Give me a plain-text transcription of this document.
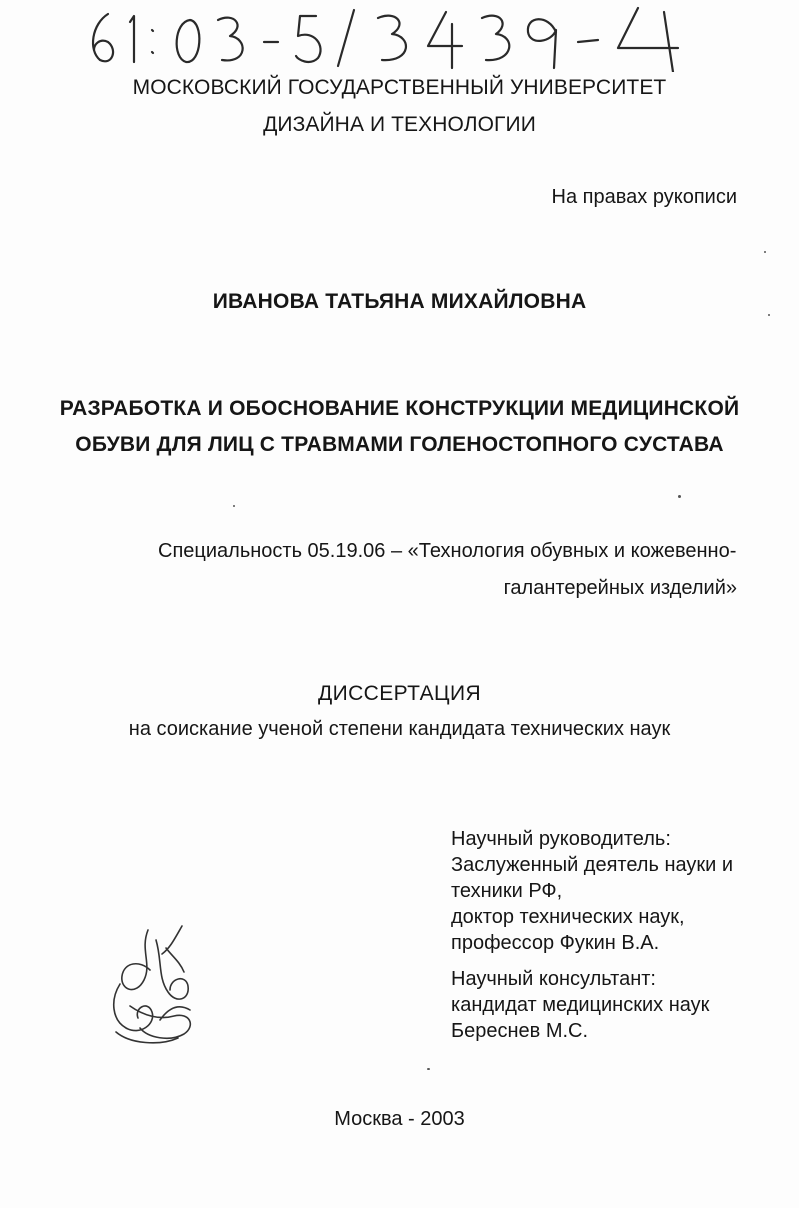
МОСКОВСКИЙ ГОСУДАРСТВЕННЫЙ УНИВЕРСИТЕТ
ДИЗАЙНА И ТЕХНОЛОГИИ
На правах рукописи
ИВАНОВА ТАТЬЯНА МИХАЙЛОВНА
РАЗРАБОТКА И ОБОСНОВАНИЕ КОНСТРУКЦИИ МЕДИЦИНСКОЙ
ОБУВИ ДЛЯ ЛИЦ С ТРАВМАМИ ГОЛЕНОСТОПНОГО СУСТАВА
Специальность 05.19.06 – «Технология обувных и кожевенно-
галантерейных изделий»
ДИССЕРТАЦИЯ
на соискание ученой степени кандидата технических наук
Научный руководитель:
Заслуженный деятель науки и
техники РФ,
доктор технических наук,
профессор Фукин В.А.
Научный консультант:
кандидат медицинских наук
Береснев М.С.
Москва - 2003
